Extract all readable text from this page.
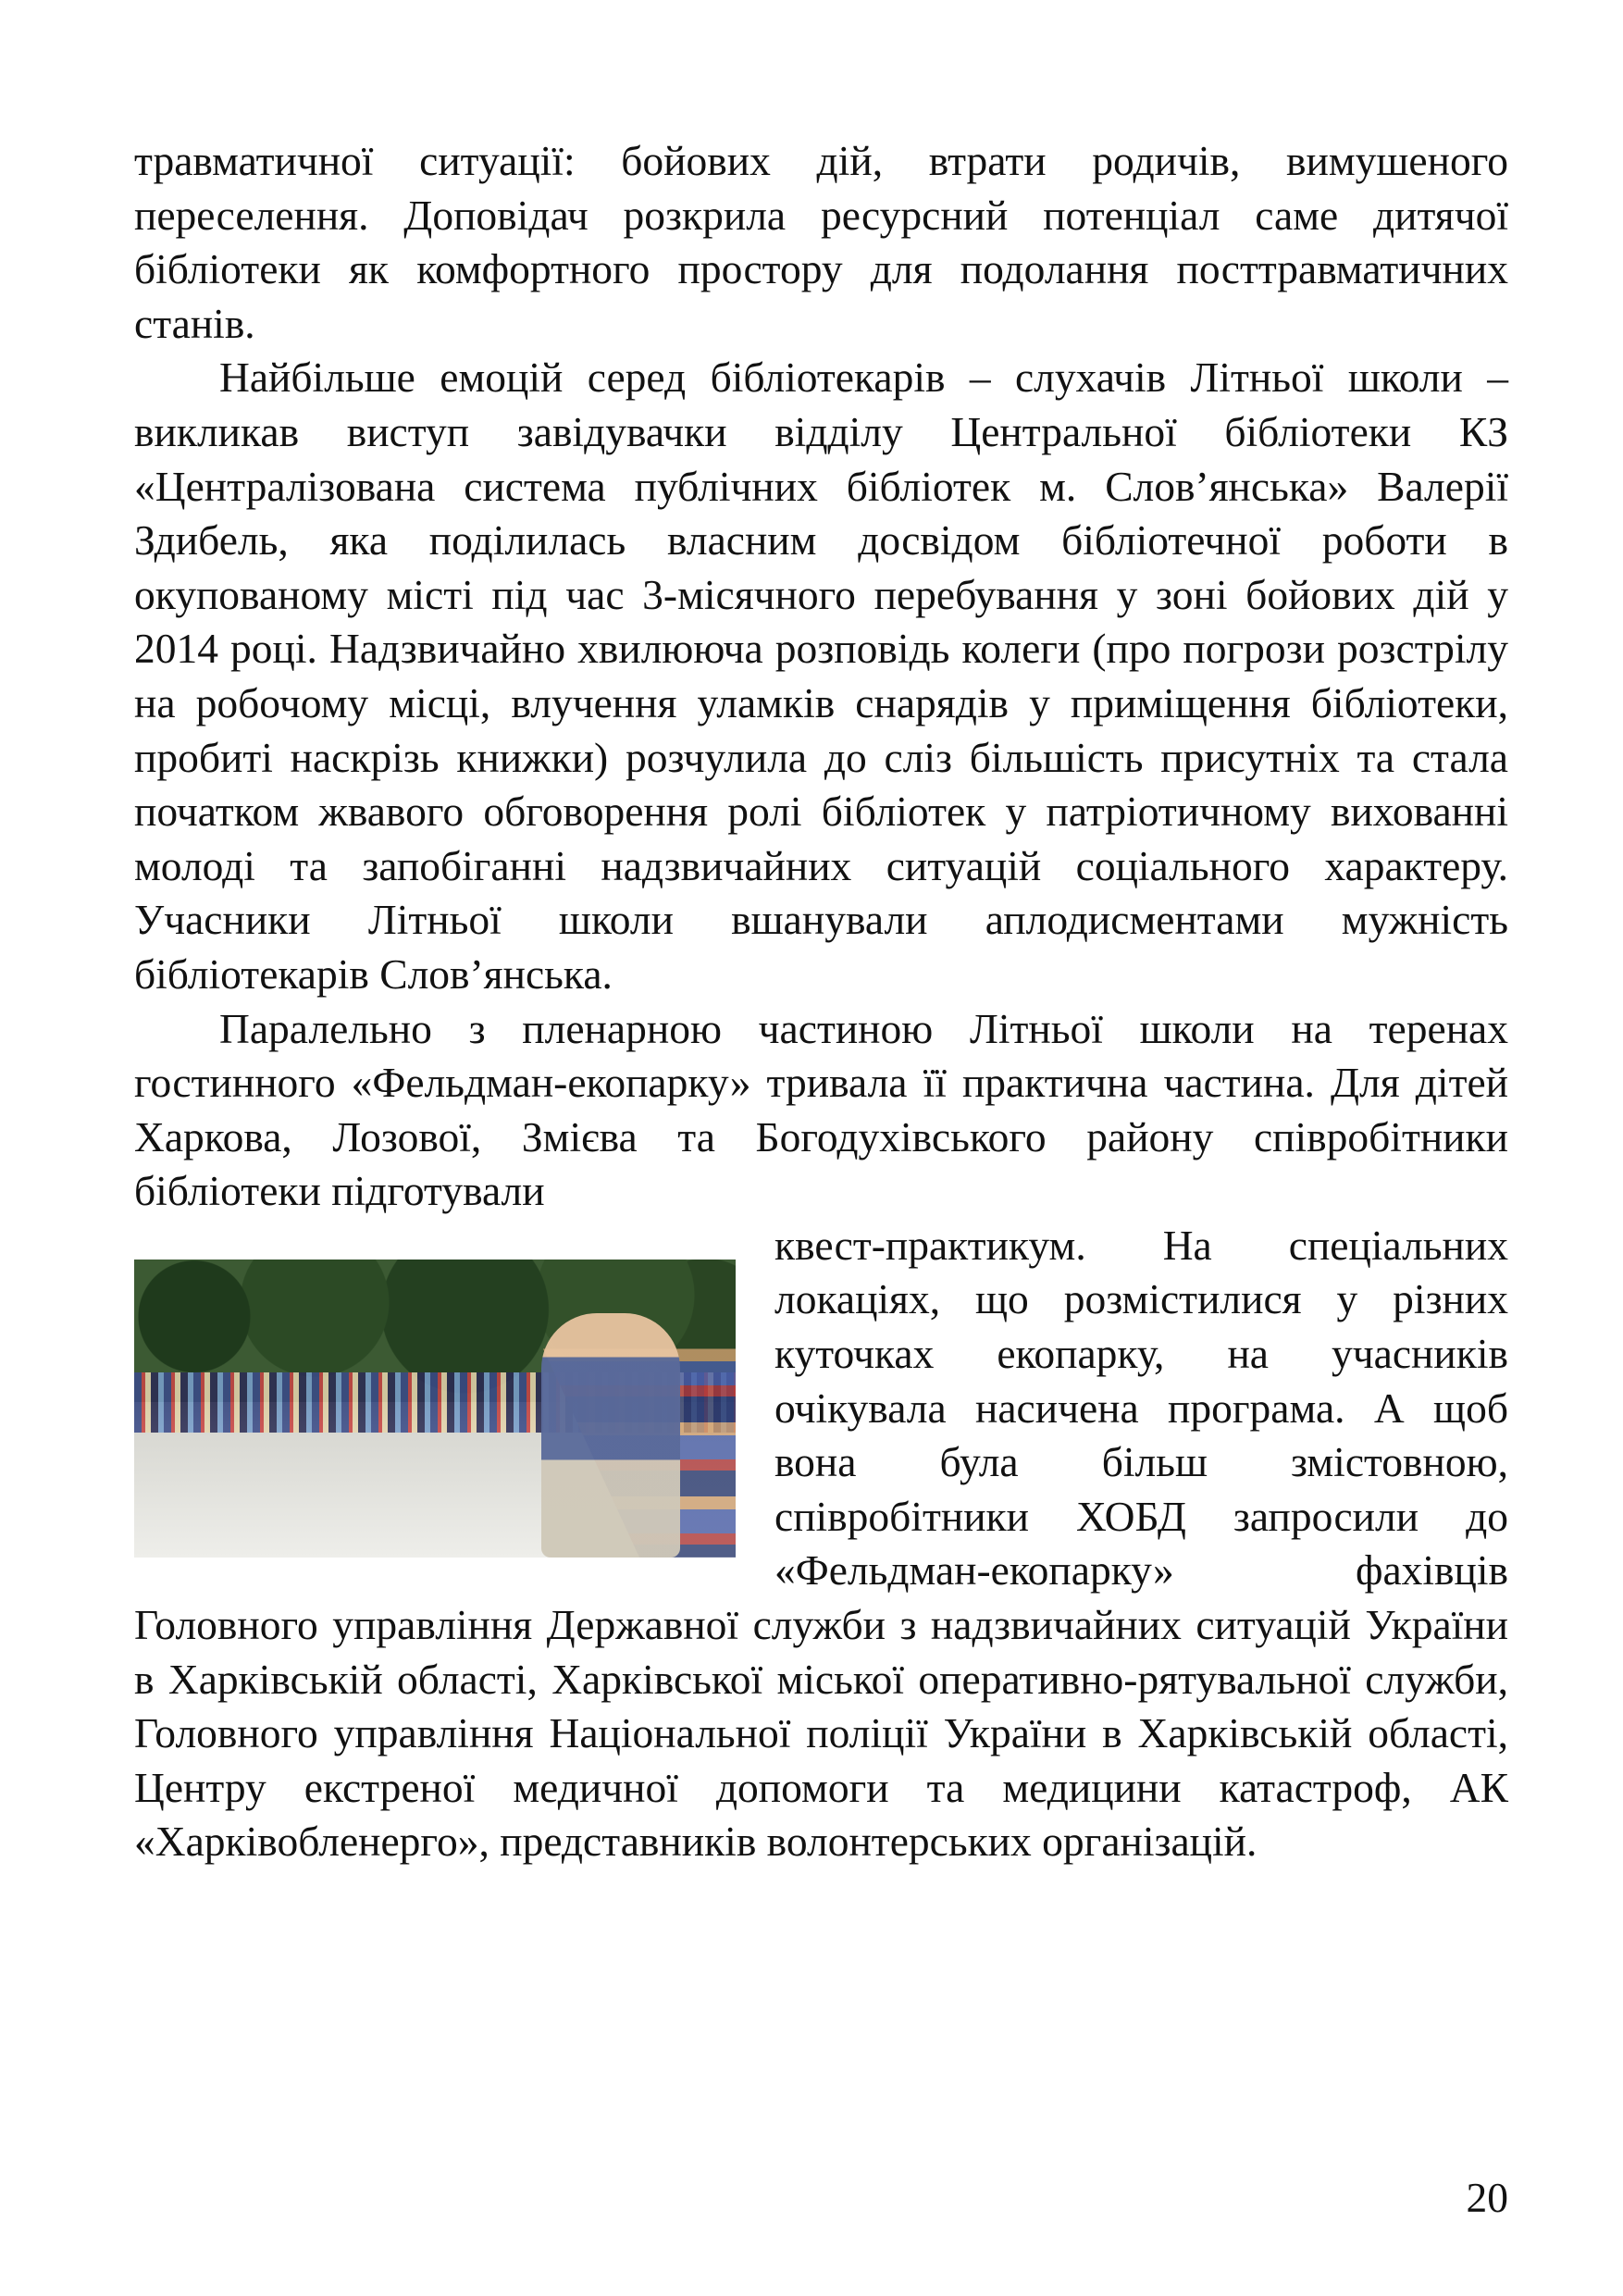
травматичної ситуації: бойових дій, втрати родичів, вимушеного переселення. Доповідач розкрила ресурсний потенціал саме дитячої бібліотеки як комфортного простору для подолання посттравматичних станів.

Найбільше емоцій серед бібліотекарів – слухачів Літньої школи – викликав виступ завідувачки відділу Центральної бібліотеки КЗ «Централізована система публічних бібліотек м. Слов’янська» Валерії Здибель, яка поділилась власним досвідом бібліотечної роботи в окупованому місті під час 3-місячного перебування у зоні бойових дій у 2014 році. Надзвичайно хвилююча розповідь колеги (про погрози розстрілу на робочому місці, влучення уламків снарядів у приміщення бібліотеки, пробиті наскрізь книжки) розчулила до сліз більшість присутніх та стала початком жвавого обговорення ролі бібліотек у патріотичному вихованні молоді та запобіганні надзвичайних ситуацій соціального характеру. Учасники Літньої школи вшанували аплодисментами мужність бібліотекарів Слов’янська.

Паралельно з пленарною частиною Літньої школи на теренах гостинного «Фельдман-екопарку» тривала її практична частина. Для дітей Харкова, Лозової, Змієва та Богодухівського району співробітники бібліотеки підготували

квест-практикум. На спеціальних локаціях, що розмістилися у різних куточках екопарку, на учасників очікувала насичена програма. А щоб вона була більш змістовною, співробітники ХОБД запросили до «Фельдман-екопарку» фахівців Головного управління Державної служби з надзвичайних ситуацій України в Харківській області, Харківської міської оперативно-рятувальної служби, Головного управління Національної поліції України в Харківській області, Центру екстреної медичної допомоги та медицини катастроф, АК «Харківобленерго», представників волонтерських організацій.

20
